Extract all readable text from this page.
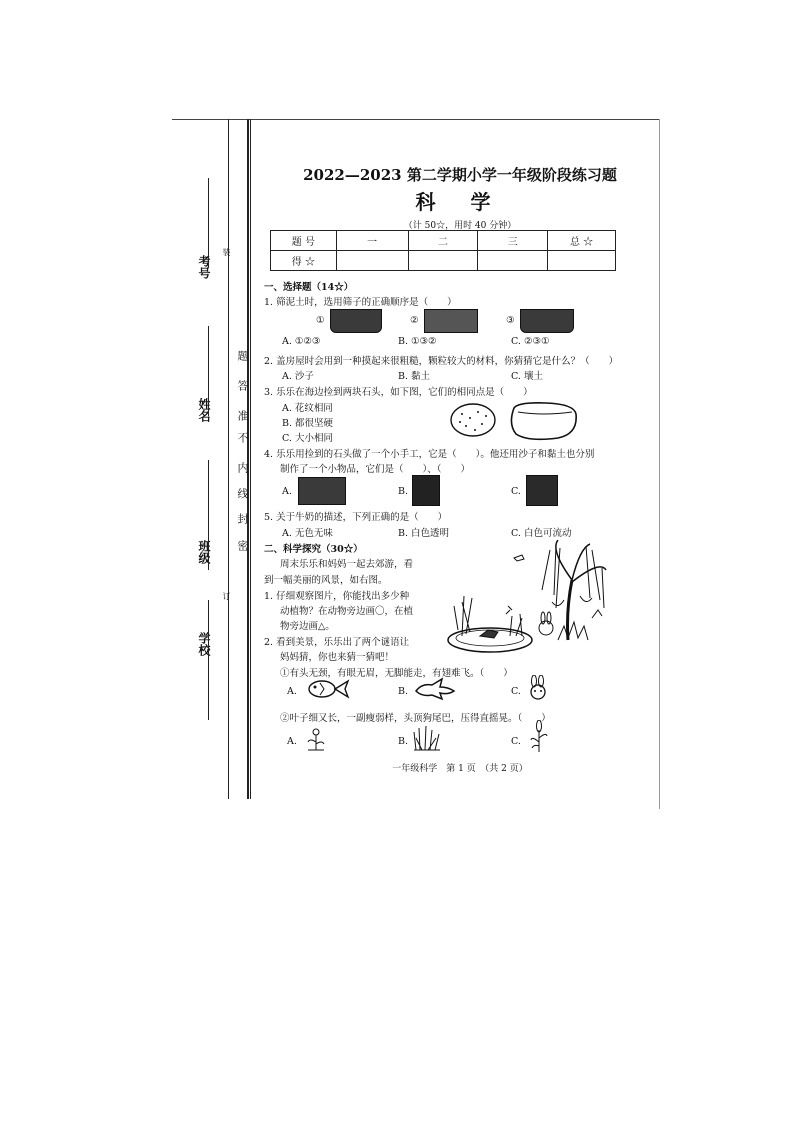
考号
姓名
班级
学校
装
订
题
答
准
不
内
线
封
密
2022—2023 第二学期小学一年级阶段练习题
科 学
（计 50☆，用时 40 分钟）
题 号	一	二	三	总 ☆
得 ☆				
一、选择题（14☆）
1. 筛泥土时，选用筛子的正确顺序是（　　）
①	②	③
A. ①②③	B. ①③②	C. ②③①
2. 盖房屋时会用到一种摸起来很粗糙，颗粒较大的材料，你猜猜它是什么？（　　）
A. 沙子	B. 黏土	C. 壤土
3. 乐乐在海边捡到两块石头，如下图，它们的相同点是（　　）
A. 花纹相同
B. 都很坚硬
C. 大小相同
4. 乐乐用捡到的石头做了一个小手工，它是（　　）。他还用沙子和黏土也分别
制作了一个小物品，它们是（　　）、（　　）
A.	B.	C.
5. 关于牛奶的描述，下列正确的是（　　）
A. 无色无味	B. 白色透明	C. 白色可流动
二、科学探究（30☆）
周末乐乐和妈妈一起去郊游，看
到一幅美丽的风景，如右图。
1. 仔细观察图片，你能找出多少种
动植物？在动物旁边画〇，在植
物旁边画△。
2. 看到美景，乐乐出了两个谜语让
妈妈猜，你也来猜一猜吧！
①有头无颈，有眼无眉，无脚能走，有翅难飞。（　　）
A.	B.	C.
②叶子细又长，一副瘦弱样，头顶狗尾巴，压得直摇晃。（　　）
A.	B.	C.
一年级科学　第 1 页　（共 2 页）
